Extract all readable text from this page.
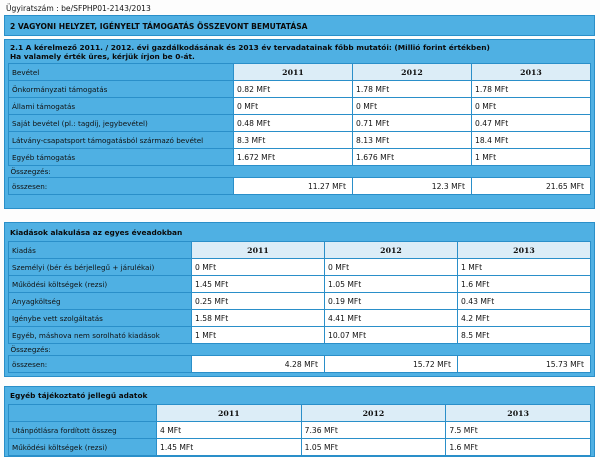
Ügyiratszám : be/SFPHP01-2143/2013
2 VAGYONI HELYZET, IGÉNYELT TÁMOGATÁS ÖSSZEVONT BEMUTATÁSA
2.1 A kérelmező 2011. / 2012. évi gazdálkodásának és 2013 év tervadatainak főbb mutatói: (Millió forint értékben)
Ha valamely érték üres, kérjük írjon be 0-át.
Bevétel	2011	2012	2013
Önkormányzati támogatás	0.82 MFt	1.78 MFt	1.78 MFt
Állami támogatás	0 MFt	0 MFt	0 MFt
Saját bevétel (pl.: tagdíj, jegybevétel)	0.48 MFt	0.71 MFt	0.47 MFt
Látvány-csapatsport támogatásból származó bevétel	8.3 MFt	8.13 MFt	18.4 MFt
Egyéb támogatás	1.672 MFt	1.676 MFt	1 MFt
Összegzés:			
összesen:	11.27 MFt	12.3 MFt	21.65 MFt
Kiadások alakulása az egyes éveadokban
Kiadás	2011	2012	2013
Személyi (bér és bérjellegű + járulékai)	0 MFt	0 MFt	1 MFt
Működési költségek (rezsi)	1.45 MFt	1.05 MFt	1.6 MFt
Anyagköltség	0.25 MFt	0.19 MFt	0.43 MFt
Igénybe vett szolgáltatás	1.58 MFt	4.41 MFt	4.2 MFt
Egyéb, máshova nem sorolható kiadások	1 MFt	10.07 MFt	8.5 MFt
Összegzés:			
összesen:	4.28 MFt	15.72 MFt	15.73 MFt
Egyéb tájékoztató jellegű adatok
	2011	2012	2013
Utánpótlásra fordított összeg	4 MFt	7.36 MFt	7.5 MFt
Működési költségek (rezsi)	1.45 MFt	1.05 MFt	1.6 MFt
